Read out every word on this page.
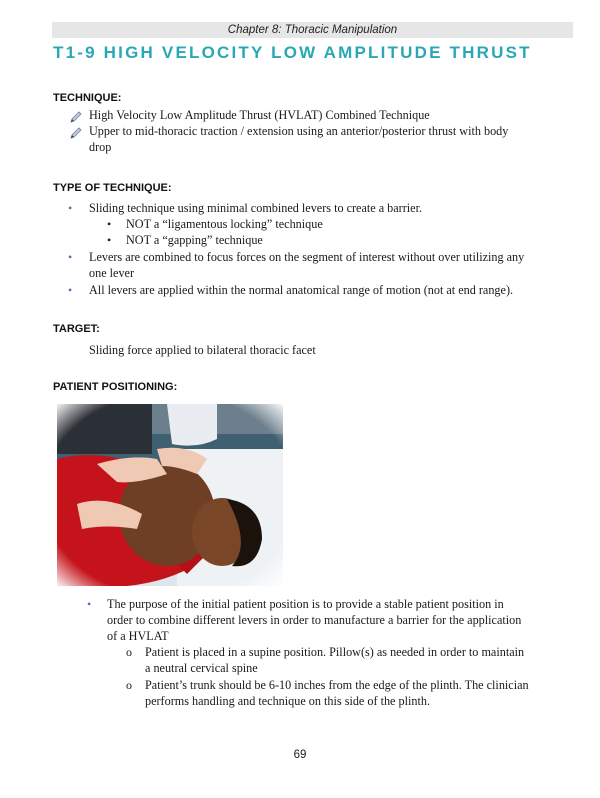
Chapter 8: Thoracic Manipulation
T1-9 HIGH VELOCITY LOW AMPLITUDE THRUST
TECHNIQUE:
High Velocity Low Amplitude Thrust (HVLAT) Combined Technique
Upper to mid-thoracic traction / extension using an anterior/posterior thrust with body
drop
TYPE OF TECHNIQUE:
• Sliding technique using minimal combined levers to create a barrier.
• NOT a “ligamentous locking” technique
• NOT a “gapping” technique
• Levers are combined to focus forces on the segment of interest without over utilizing any
one lever
• All levers are applied within the normal anatomical range of motion (not at end range).
TARGET:
Sliding force applied to bilateral thoracic facet
PATIENT POSITIONING:
• The purpose of the initial patient position is to provide a stable patient position in
order to combine different levers in order to manufacture a barrier for the application
of a HVLAT
o Patient is placed in a supine position. Pillow(s) as needed in order to maintain
a neutral cervical spine
o Patient’s trunk should be 6-10 inches from the edge of the plinth. The clinician
performs handling and technique on this side of the plinth.
69
